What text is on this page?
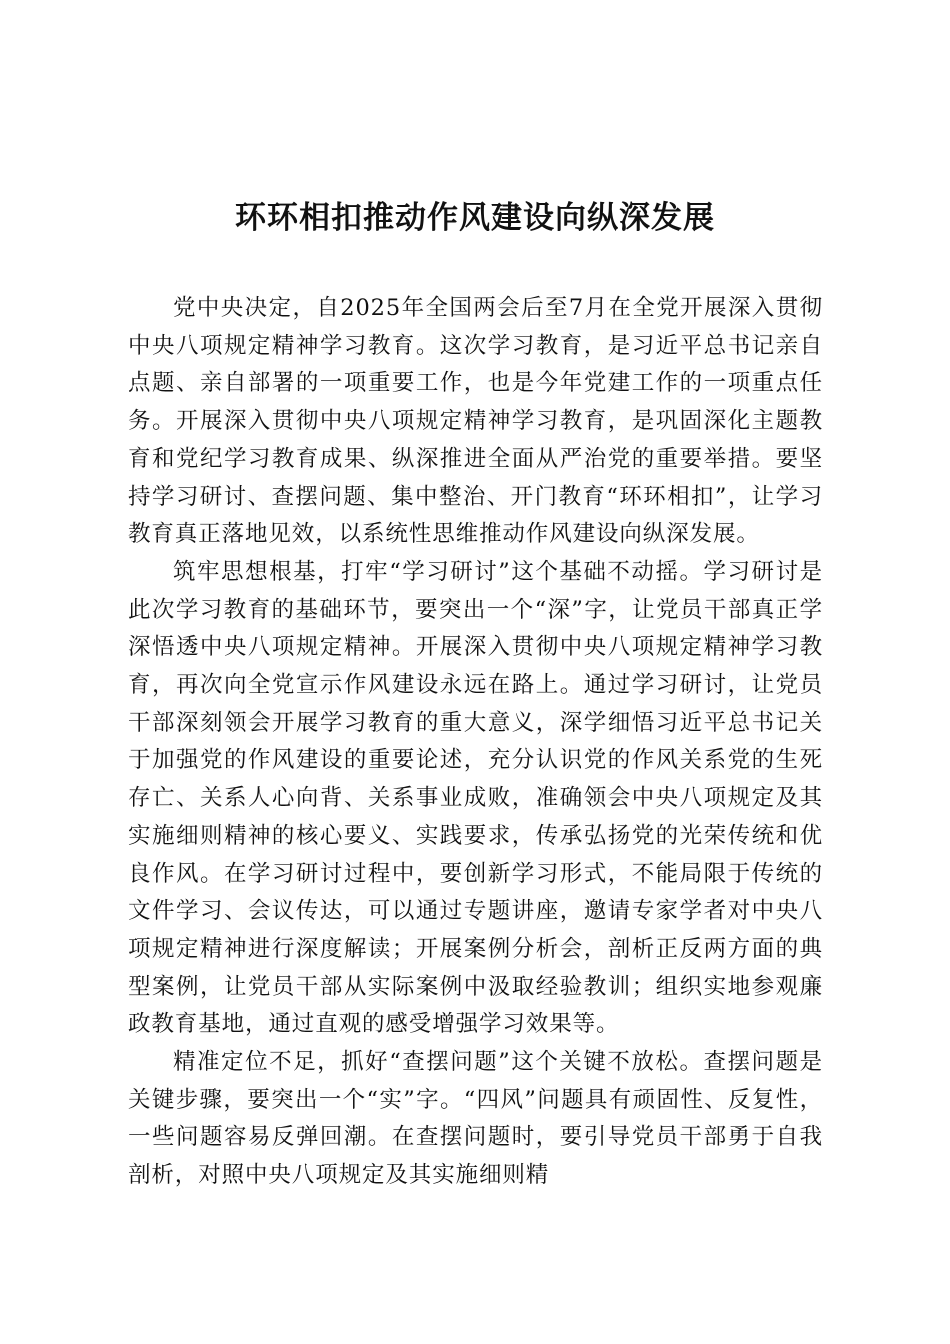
环环相扣推动作风建设向纵深发展

党中央决定，自2025年全国两会后至7月在全党开展深入贯彻中央八项规定精神学习教育。这次学习教育，是习近平总书记亲自点题、亲自部署的一项重要工作，也是今年党建工作的一项重点任务。开展深入贯彻中央八项规定精神学习教育，是巩固深化主题教育和党纪学习教育成果、纵深推进全面从严治党的重要举措。要坚持学习研讨、查摆问题、集中整治、开门教育“环环相扣”，让学习教育真正落地见效，以系统性思维推动作风建设向纵深发展。

筑牢思想根基，打牢“学习研讨”这个基础不动摇。学习研讨是此次学习教育的基础环节，要突出一个“深”字，让党员干部真正学深悟透中央八项规定精神。开展深入贯彻中央八项规定精神学习教育，再次向全党宣示作风建设永远在路上。通过学习研讨，让党员干部深刻领会开展学习教育的重大意义，深学细悟习近平总书记关于加强党的作风建设的重要论述，充分认识党的作风关系党的生死存亡、关系人心向背、关系事业成败，准确领会中央八项规定及其实施细则精神的核心要义、实践要求，传承弘扬党的光荣传统和优良作风。在学习研讨过程中，要创新学习形式，不能局限于传统的文件学习、会议传达，可以通过专题讲座，邀请专家学者对中央八项规定精神进行深度解读；开展案例分析会，剖析正反两方面的典型案例，让党员干部从实际案例中汲取经验教训；组织实地参观廉政教育基地，通过直观的感受增强学习效果等。

精准定位不足，抓好“查摆问题”这个关键不放松。查摆问题是关键步骤，要突出一个“实”字。“四风”问题具有顽固性、反复性，一些问题容易反弹回潮。在查摆问题时，要引导党员干部勇于自我剖析，对照中央八项规定及其实施细则精
